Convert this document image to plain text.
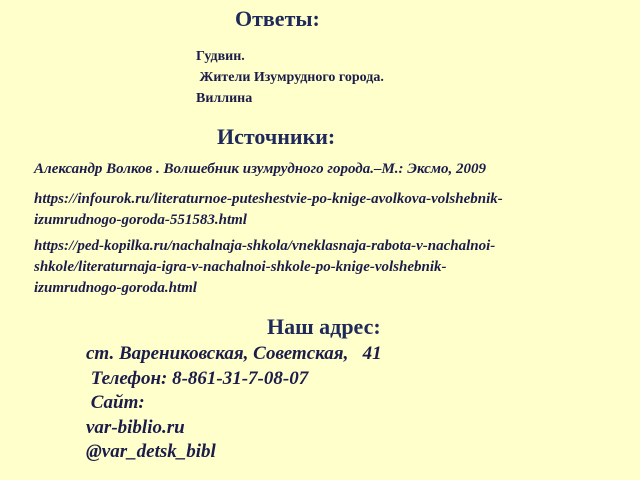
Ответы:
Гудвин.
Жители Изумрудного города.
Виллина
Источники:
Александр Волков . Волшебник изумрудного города.–М.: Эксмо, 2009
https://infourok.ru/literaturnoe-puteshestvie-po-knige-avolkova-volshebnik-
izumrudnogo-goroda-551583.html
https://ped-kopilka.ru/nachalnaja-shkola/vneklasnaja-rabota-v-nachalnoi-
shkole/literaturnaja-igra-v-nachalnoi-shkole-po-knige-volshebnik-
izumrudnogo-goroda.html
Наш адрес:
ст. Варениковская, Советская,   41
Телефон: 8-861-31-7-08-07
Сайт:
var-biblio.ru
@var_detsk_bibl
